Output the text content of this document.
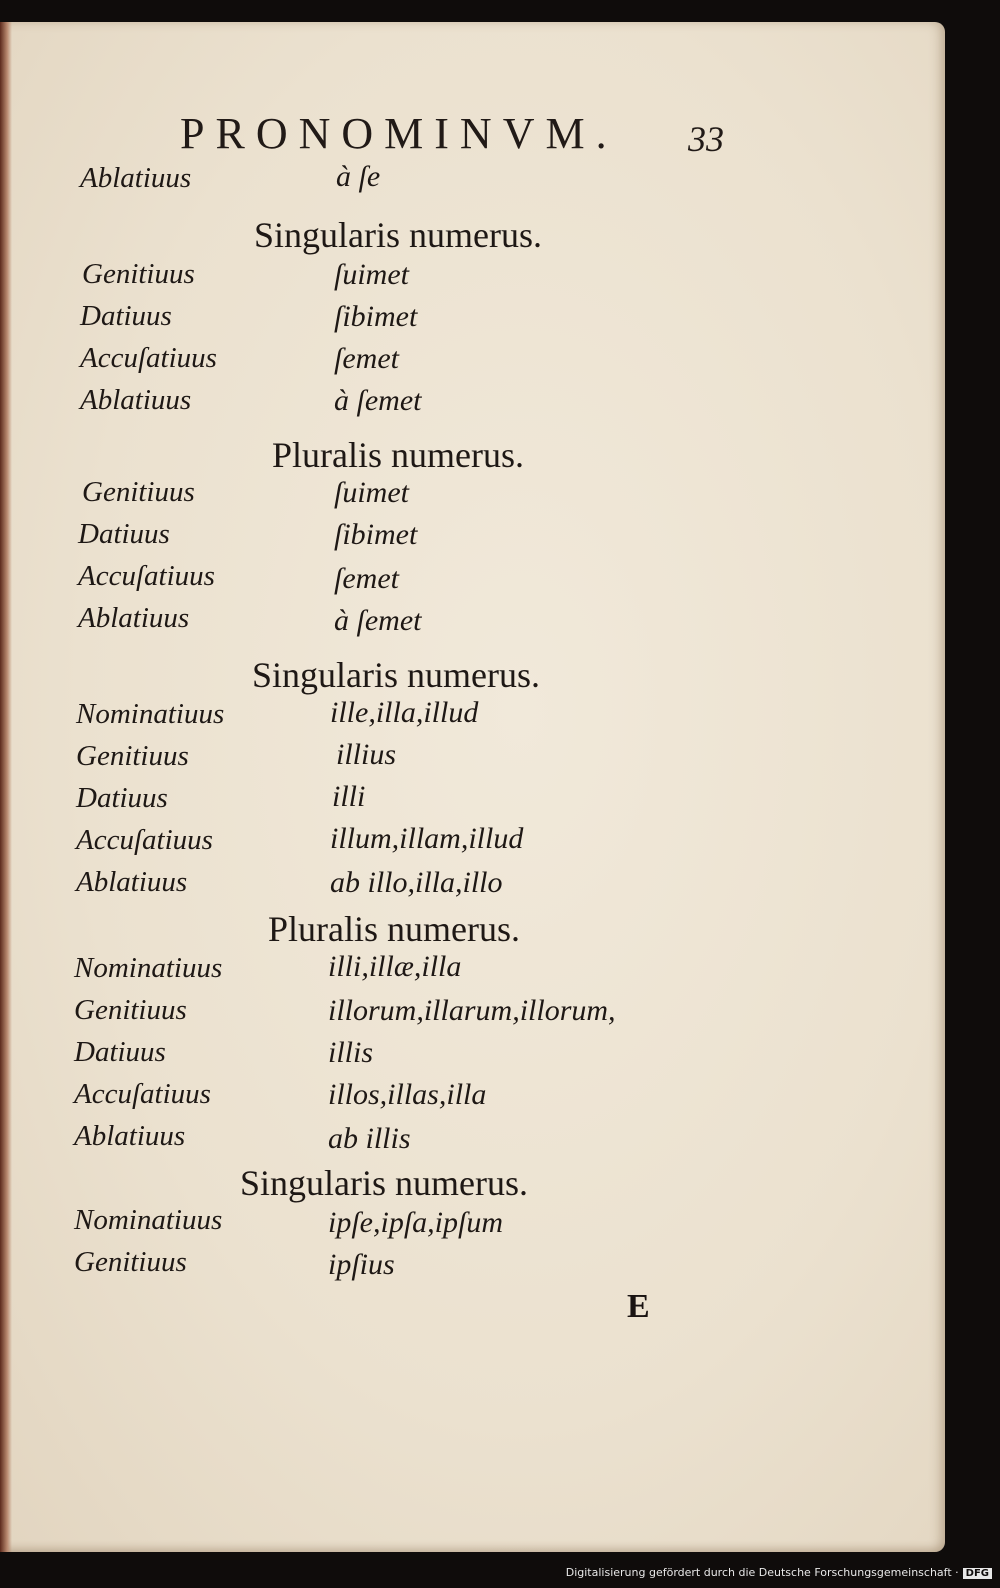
PRONOMINVM. 33
Ablatiuus	à ſe
Singularis numerus.
Genitiuus	ſuimet
Datiuus	ſibimet
Accuſatiuus	ſemet
Ablatiuus	à ſemet
Pluralis numerus.
Genitiuus	ſuimet
Datiuus	ſibimet
Accuſatiuus	ſemet
Ablatiuus	à ſemet
Singularis numerus.
Nominatiuus	ille,illa,illud
Genitiuus	illius
Datiuus	illi
Accuſatiuus	illum,illam,illud
Ablatiuus	ab illo,illa,illo
Pluralis numerus.
Nominatiuus	illi,illæ,illa
Genitiuus	illorum,illarum,illorum,
Datiuus	illis
Accuſatiuus	illos,illas,illa
Ablatiuus	ab illis
Singularis numerus.
Nominatiuus	ipſe,ipſa,ipſum
Genitiuus	ipſius
E
Digitalisierung gefördert durch die Deutsche Forschungsgemeinschaft · DFG
